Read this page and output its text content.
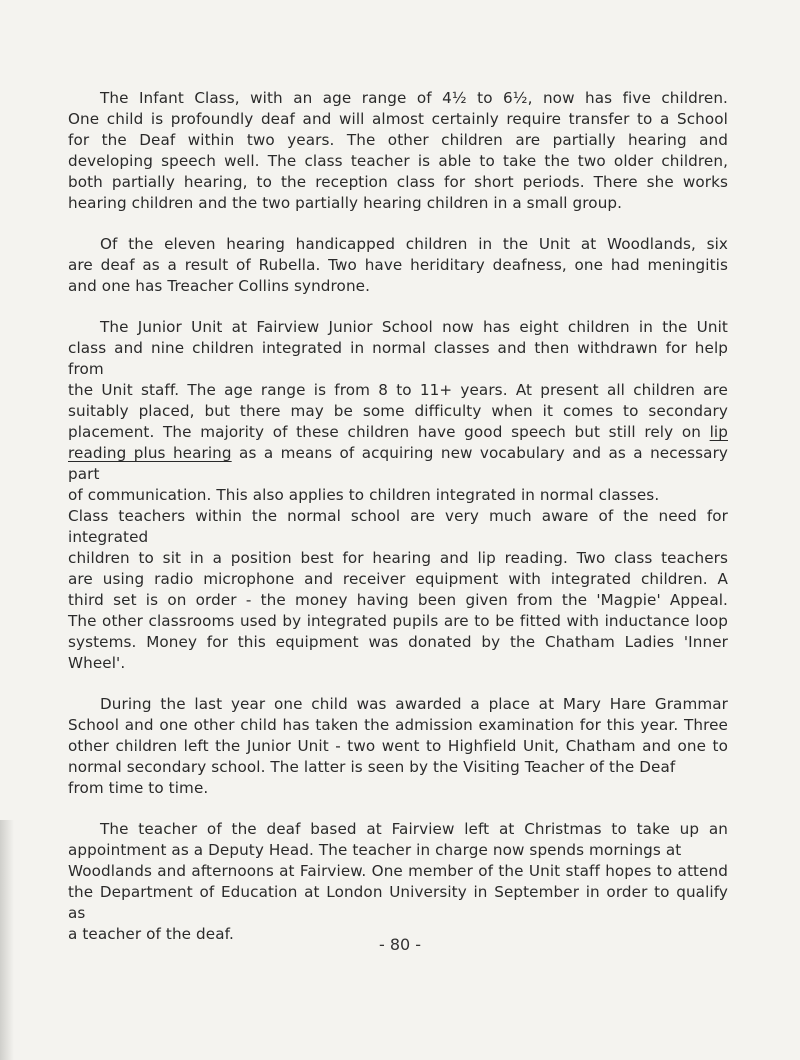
The Infant Class, with an age range of 4½ to 6½, now has five children.
One child is profoundly deaf and will almost certainly require transfer to a School
for the Deaf within two years. The other children are partially hearing and
developing speech well. The class teacher is able to take the two older children,
both partially hearing, to the reception class for short periods. There she works
hearing children and the two partially hearing children in a small group.
Of the eleven hearing handicapped children in the Unit at Woodlands, six
are deaf as a result of Rubella. Two have heriditary deafness, one had meningitis
and one has Treacher Collins syndrone.
The Junior Unit at Fairview Junior School now has eight children in the Unit
class and nine children integrated in normal classes and then withdrawn for help from
the Unit staff. The age range is from 8 to 11+ years. At present all children are
suitably placed, but there may be some difficulty when it comes to secondary
placement. The majority of these children have good speech but still rely on lip
reading plus hearing as a means of acquiring new vocabulary and as a necessary part
of communication. This also applies to children integrated in normal classes.
Class teachers within the normal school are very much aware of the need for integrated
children to sit in a position best for hearing and lip reading. Two class teachers
are using radio microphone and receiver equipment with integrated children. A
third set is on order - the money having been given from the 'Magpie' Appeal.
The other classrooms used by integrated pupils are to be fitted with inductance loop
systems. Money for this equipment was donated by the Chatham Ladies 'Inner Wheel'.
During the last year one child was awarded a place at Mary Hare Grammar
School and one other child has taken the admission examination for this year. Three
other children left the Junior Unit - two went to Highfield Unit, Chatham and one to
normal secondary school. The latter is seen by the Visiting Teacher of the Deaf
from time to time.
The teacher of the deaf based at Fairview left at Christmas to take up an
appointment as a Deputy Head. The teacher in charge now spends mornings at
Woodlands and afternoons at Fairview. One member of the Unit staff hopes to attend
the Department of Education at London University in September in order to qualify as
a teacher of the deaf.
- 80 -
